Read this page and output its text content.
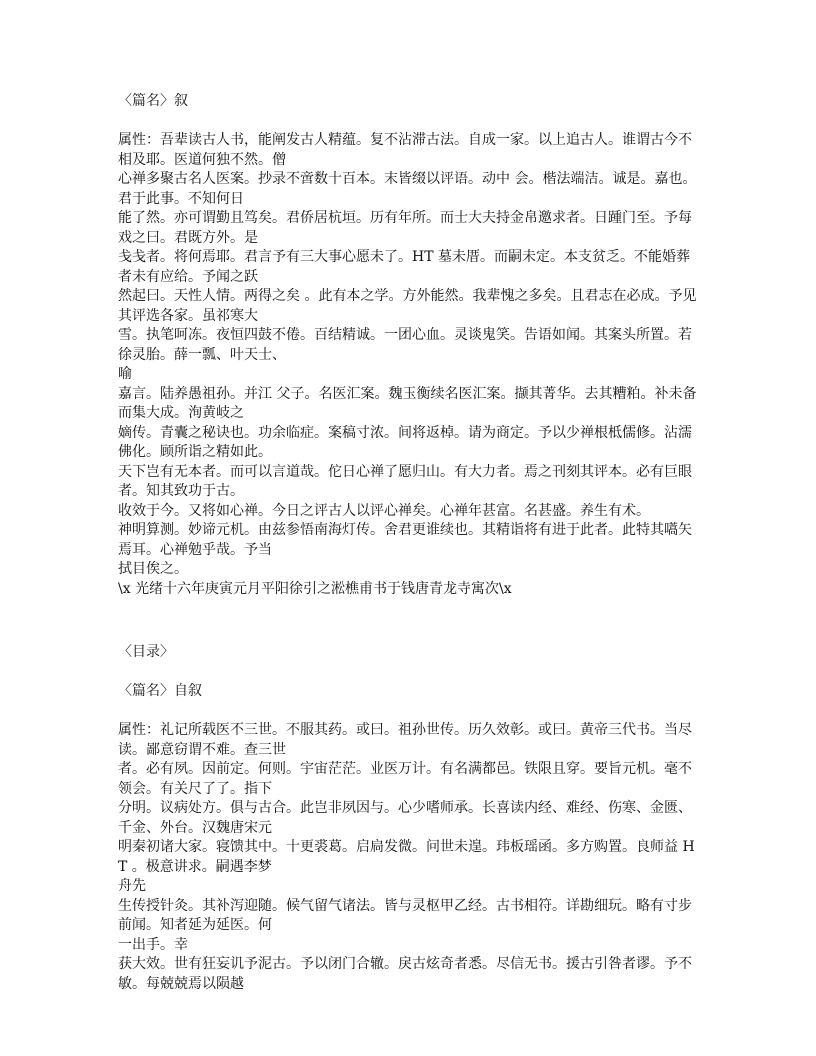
〈篇名〉叙

属性：吾辈读古人书，能阐发古人精蕴。复不沾滞古法。自成一家。以上追古人。谁谓古今不相及耶。医道何独不然。僧

心禅多聚古名人医案。抄录不啻数十百本。末皆缀以评语。动中 会。楷法端洁。诚是。嘉也。君于此事。不知何日

能了然。亦可谓勤且笃矣。君侨居杭垣。历有年所。而士大夫持金帛邀求者。日踵门至。予每戏之曰。君既方外。是

戋戋者。将何焉耶。君言予有三大事心愿未了。HT 墓未厝。而嗣未定。本支贫乏。不能婚葬者未有应给。予闻之跃

然起曰。天性人情。两得之矣 。此有本之学。方外能然。我辈愧之多矣。且君志在必成。予见其评选各家。虽祁寒大

雪。执笔呵冻。夜恒四鼓不倦。百结精诚。一团心血。灵谈鬼笑。告语如闻。其案头所置。若徐灵胎。薛一瓢、叶天士、

喻

嘉言。陆养愚祖孙。并江 父子。名医汇案。魏玉衡续名医汇案。撷其菁华。去其糟粕。补未备而集大成。洵黄岐之

嫡传。青囊之秘诀也。功余临症。案稿寸浓。间将返棹。请为商定。予以少禅根柢儒修。沾濡佛化。顾所诣之精如此。

天下岂有无本者。而可以言道哉。佗日心禅了愿归山。有大力者。焉之刊刻其评本。必有巨眼者。知其致功于古。

收效于今。又将如心禅。今日之评古人以评心禅矣。心禅年甚富。名甚盛。养生有术。

神明算测。妙谛元机。由兹参悟南海灯传。舍君更谁续也。其精诣将有进于此者。此特其嚆矢焉耳。心禅勉乎哉。予当

拭目俟之。

\x 光绪十六年庚寅元月平阳徐引之淞樵甫书于钱唐青龙寺寓次\x

〈目录〉

〈篇名〉自叙

属性：礼记所载医不三世。不服其药。或曰。祖孙世传。历久效彰。或曰。黄帝三代书。当尽读。鄙意窃谓不难。查三世

者。必有夙。因前定。何则。宇宙茫茫。业医万计。有名满都邑。铁限且穿。要旨元机。毫不领会。有关尺了了。指下

分明。议病处方。俱与古合。此岂非夙因与。心少嗜师承。长喜读内经、难经、伤寒、金匮、千金、外台。汉魏唐宋元

明秦初诸大家。寝馈其中。十更裘葛。启扃发微。问世未遑。玮板瑶函。多方购置。良师益 HT 。极意讲求。嗣遇李梦

舟先

生传授针灸。其补泻迎随。候气留气诸法。皆与灵枢甲乙经。古书相符。详勘细玩。略有寸步前闻。知者延为延医。何

一出手。幸

获大效。世有狂妄讥予泥古。予以闭门合辙。戾古炫奇者悉。尽信无书。援古引咎者谬。予不敏。每兢兢焉以陨越
